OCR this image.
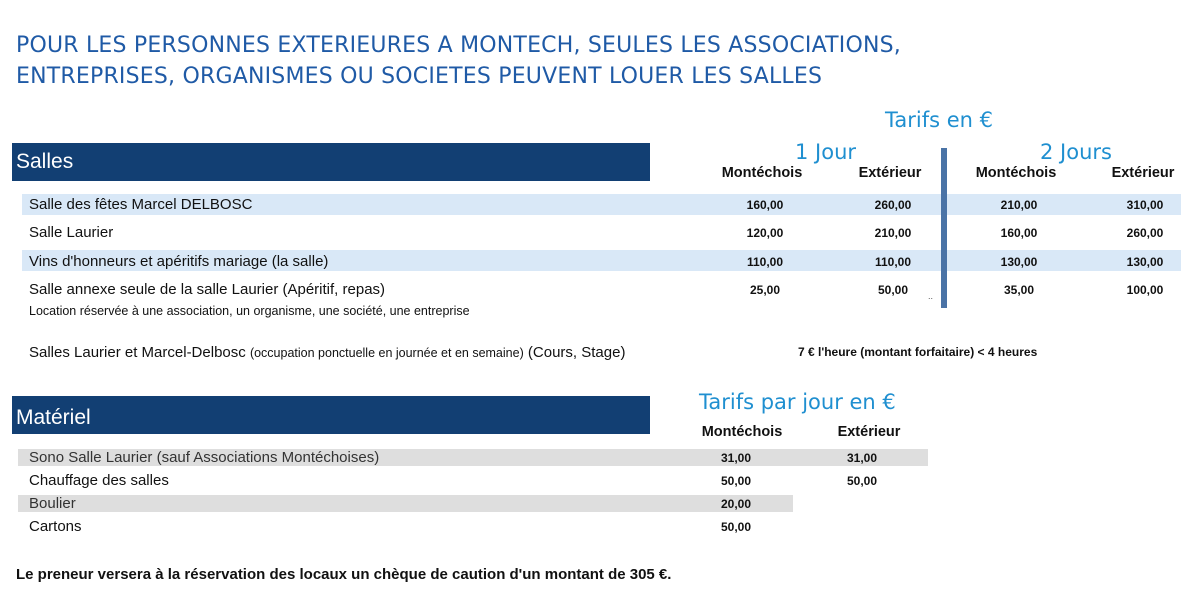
POUR LES PERSONNES EXTERIEURES A MONTECH, SEULES LES ASSOCIATIONS,
ENTREPRISES, ORGANISMES OU SOCIETES PEUVENT LOUER LES SALLES
Tarifs en €
Salles	1 Jour	2 Jours
Montéchois	Extérieur	Montéchois	Extérieur
Salle des fêtes Marcel DELBOSC	160,00	260,00	210,00	310,00
Salle Laurier	120,00	210,00	160,00	260,00
Vins d'honneurs et apéritifs mariage (la salle)	110,00	110,00	130,00	130,00
Salle annexe seule de la salle Laurier (Apéritif, repas)	25,00	50,00	35,00	100,00
..
Location réservée à une association, un organisme, une société, une entreprise
Salles Laurier et Marcel-Delbosc (occupation ponctuelle en journée et en semaine) (Cours, Stage)	7 € l'heure (montant forfaitaire) < 4 heures
Tarifs par jour en €
Matériel
Montéchois	Extérieur
Sono Salle Laurier (sauf Associations Montéchoises)	31,00	31,00
Chauffage des salles	50,00	50,00
Boulier	20,00
Cartons	50,00
Le preneur versera à la réservation des locaux un chèque de caution d'un montant de 305 €.
